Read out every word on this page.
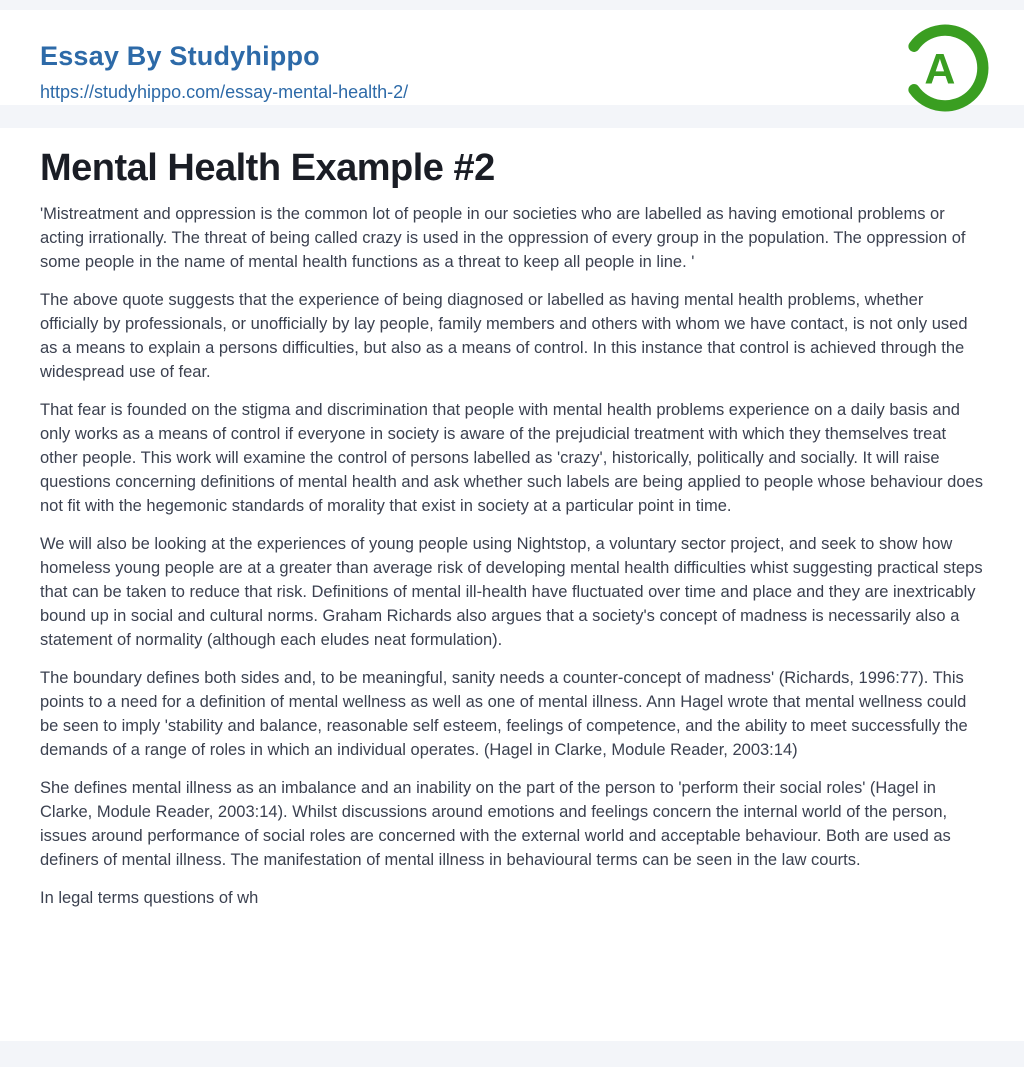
Essay By Studyhippo
https://studyhippo.com/essay-mental-health-2/	A
Mental Health Example #2

'Mistreatment and oppression is the common lot of people in our societies who are labelled as having emotional problems or acting irrationally. The threat of being called crazy is used in the oppression of every group in the population. The oppression of some people in the name of mental health functions as a threat to keep all people in line. '

The above quote suggests that the experience of being diagnosed or labelled as having mental health problems, whether officially by professionals, or unofficially by lay people, family members and others with whom we have contact, is not only used as a means to explain a persons difficulties, but also as a means of control. In this instance that control is achieved through the widespread use of fear.

That fear is founded on the stigma and discrimination that people with mental health problems experience on a daily basis and only works as a means of control if everyone in society is aware of the prejudicial treatment with which they themselves treat other people. This work will examine the control of persons labelled as 'crazy', historically, politically and socially. It will raise questions concerning definitions of mental health and ask whether such labels are being applied to people whose behaviour does not fit with the hegemonic standards of morality that exist in society at a particular point in time.

We will also be looking at the experiences of young people using Nightstop, a voluntary sector project, and seek to show how homeless young people are at a greater than average risk of developing mental health difficulties whist suggesting practical steps that can be taken to reduce that risk. Definitions of mental ill-health have fluctuated over time and place and they are inextricably bound up in social and cultural norms. Graham Richards also argues that a society's concept of madness is necessarily also a statement of normality (although each eludes neat formulation).

The boundary defines both sides and, to be meaningful, sanity needs a counter-concept of madness' (Richards, 1996:77). This points to a need for a definition of mental wellness as well as one of mental illness. Ann Hagel wrote that mental wellness could be seen to imply 'stability and balance, reasonable self esteem, feelings of competence, and the ability to meet successfully the demands of a range of roles in which an individual operates. (Hagel in Clarke, Module Reader, 2003:14)

She defines mental illness as an imbalance and an inability on the part of the person to 'perform their social roles' (Hagel in Clarke, Module Reader, 2003:14). Whilst discussions around emotions and feelings concern the internal world of the person, issues around performance of social roles are concerned with the external world and acceptable behaviour. Both are used as definers of mental illness. The manifestation of mental illness in behavioural terms can be seen in the law courts.

In legal terms questions of wh
